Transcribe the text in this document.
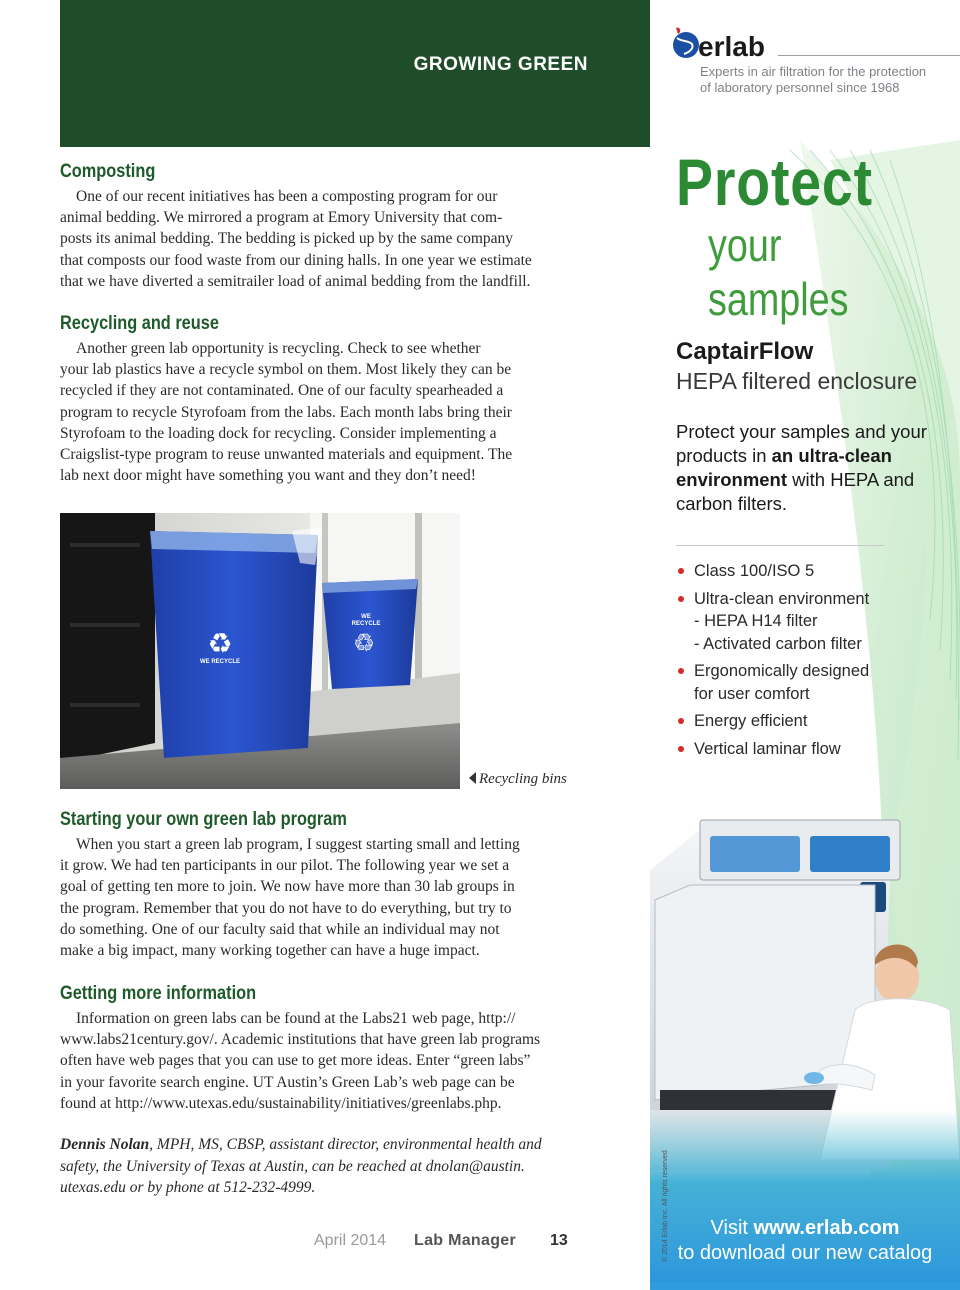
GROWING GREEN
Composting
One of our recent initiatives has been a composting program for our
animal bedding. We mirrored a program at Emory University that com-
posts its animal bedding. The bedding is picked up by the same company
that composts our food waste from our dining halls. In one year we estimate
that we have diverted a semitrailer load of animal bedding from the landfill.
Recycling and reuse
Another green lab opportunity is recycling. Check to see whether
your lab plastics have a recycle symbol on them. Most likely they can be
recycled if they are not contaminated. One of our faculty spearheaded a
program to recycle Styrofoam from the labs. Each month labs bring their
Styrofoam to the loading dock for recycling. Consider implementing a
Craigslist-type program to reuse unwanted materials and equipment. The
lab next door might have something you want and they don’t need!
♻
WE RECYCLE
WE
RECYCLE
♻
Recycling bins
Starting your own green lab program
When you start a green lab program, I suggest starting small and letting
it grow. We had ten participants in our pilot. The following year we set a
goal of getting ten more to join. We now have more than 30 lab groups in
the program. Remember that you do not have to do everything, but try to
do something. One of our faculty said that while an individual may not
make a big impact, many working together can have a huge impact.
Getting more information
Information on green labs can be found at the Labs21 web page, http://
www.labs21century.gov/. Academic institutions that have green lab programs
often have web pages that you can use to get more ideas. Enter “green labs”
in your favorite search engine. UT Austin’s Green Lab’s web page can be
found at http://www.utexas.edu/sustainability/initiatives/greenlabs.php.
Dennis Nolan, MPH, MS, CBSP, assistant director, environmental health and
safety, the University of Texas at Austin, can be reached at dnolan@austin.
utexas.edu or by phone at 512-232-4999.
April 2014 Lab Manager 13
erlab
Experts in air filtration for the protection
of laboratory personnel since 1968
Protect
your samples
CaptairFlow
HEPA filtered enclosure
Protect your samples and your products in an ultra-clean environment with HEPA and carbon filters.
Class 100/ISO 5
Ultra-clean environment
- HEPA H14 filter
- Activated carbon filter
Ergonomically designed
for user comfort
Energy efficient
Vertical laminar flow
© 2014 Erlab Inc. All rights reserved	Visit www.erlab.com
to download our new catalog
